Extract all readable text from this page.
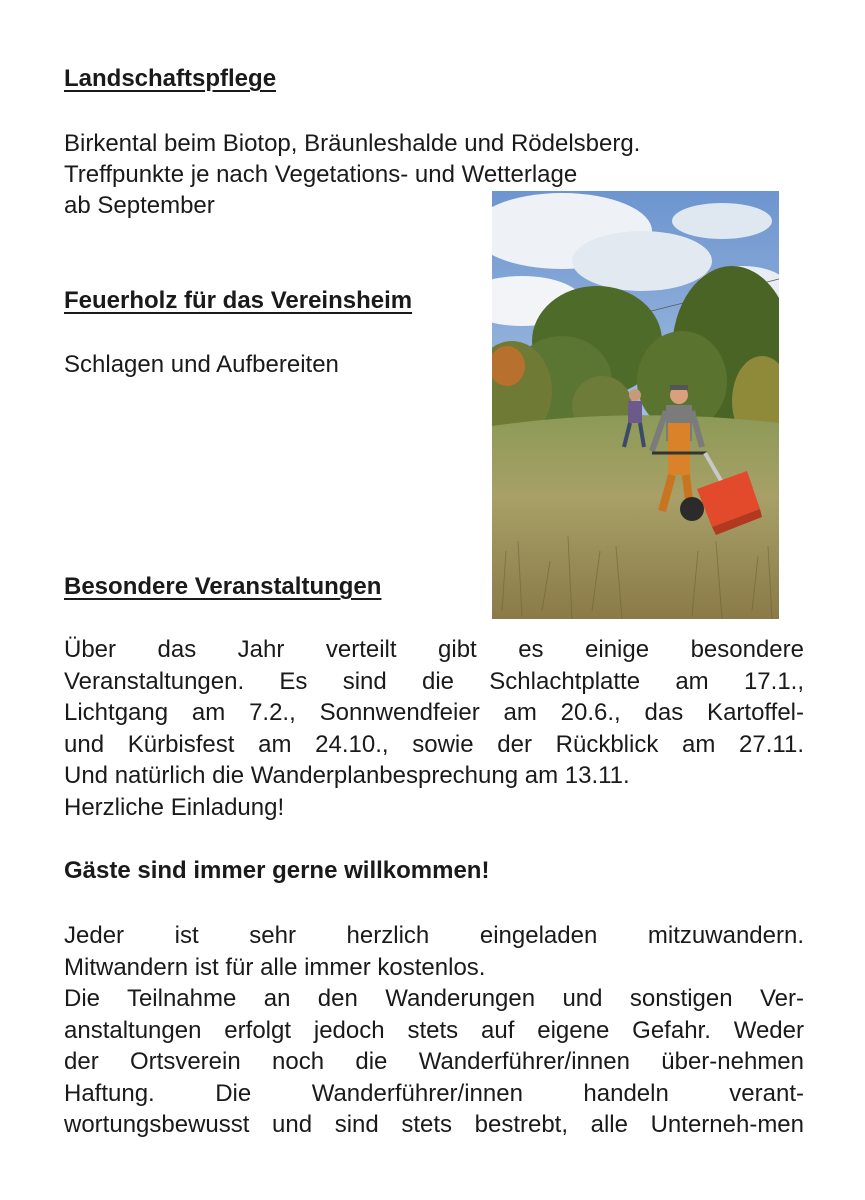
Landschaftspflege

Birkental beim Biotop, Bräunleshalde und Rödelsberg.

Treffpunkte je nach Vegetations- und Wetterlage

ab September

Feuerholz für das Vereinsheim

Schlagen und Aufbereiten

Besondere Veranstaltungen
Über das Jahr verteilt gibt es einige besondere
Veranstaltungen. Es sind die Schlachtplatte am 17.1.,
Lichtgang am 7.2., Sonnwendfeier am 20.6., das Kartoffel-
und Kürbisfest am 24.10., sowie der Rückblick am 27.11.
Und natürlich die Wanderplanbesprechung am 13.11.
Herzliche Einladung!
Gäste sind immer gerne willkommen!
Jeder ist sehr herzlich eingeladen mitzuwandern.
Mitwandern ist für alle immer kostenlos.
Die Teilnahme an den Wanderungen und sonstigen Ver-
anstaltungen erfolgt jedoch stets auf eigene Gefahr. Weder
der Ortsverein noch die Wanderführer/innen über-nehmen
Haftung. Die Wanderführer/innen handeln verant-
wortungsbewusst und sind stets bestrebt, alle Unterneh-men
